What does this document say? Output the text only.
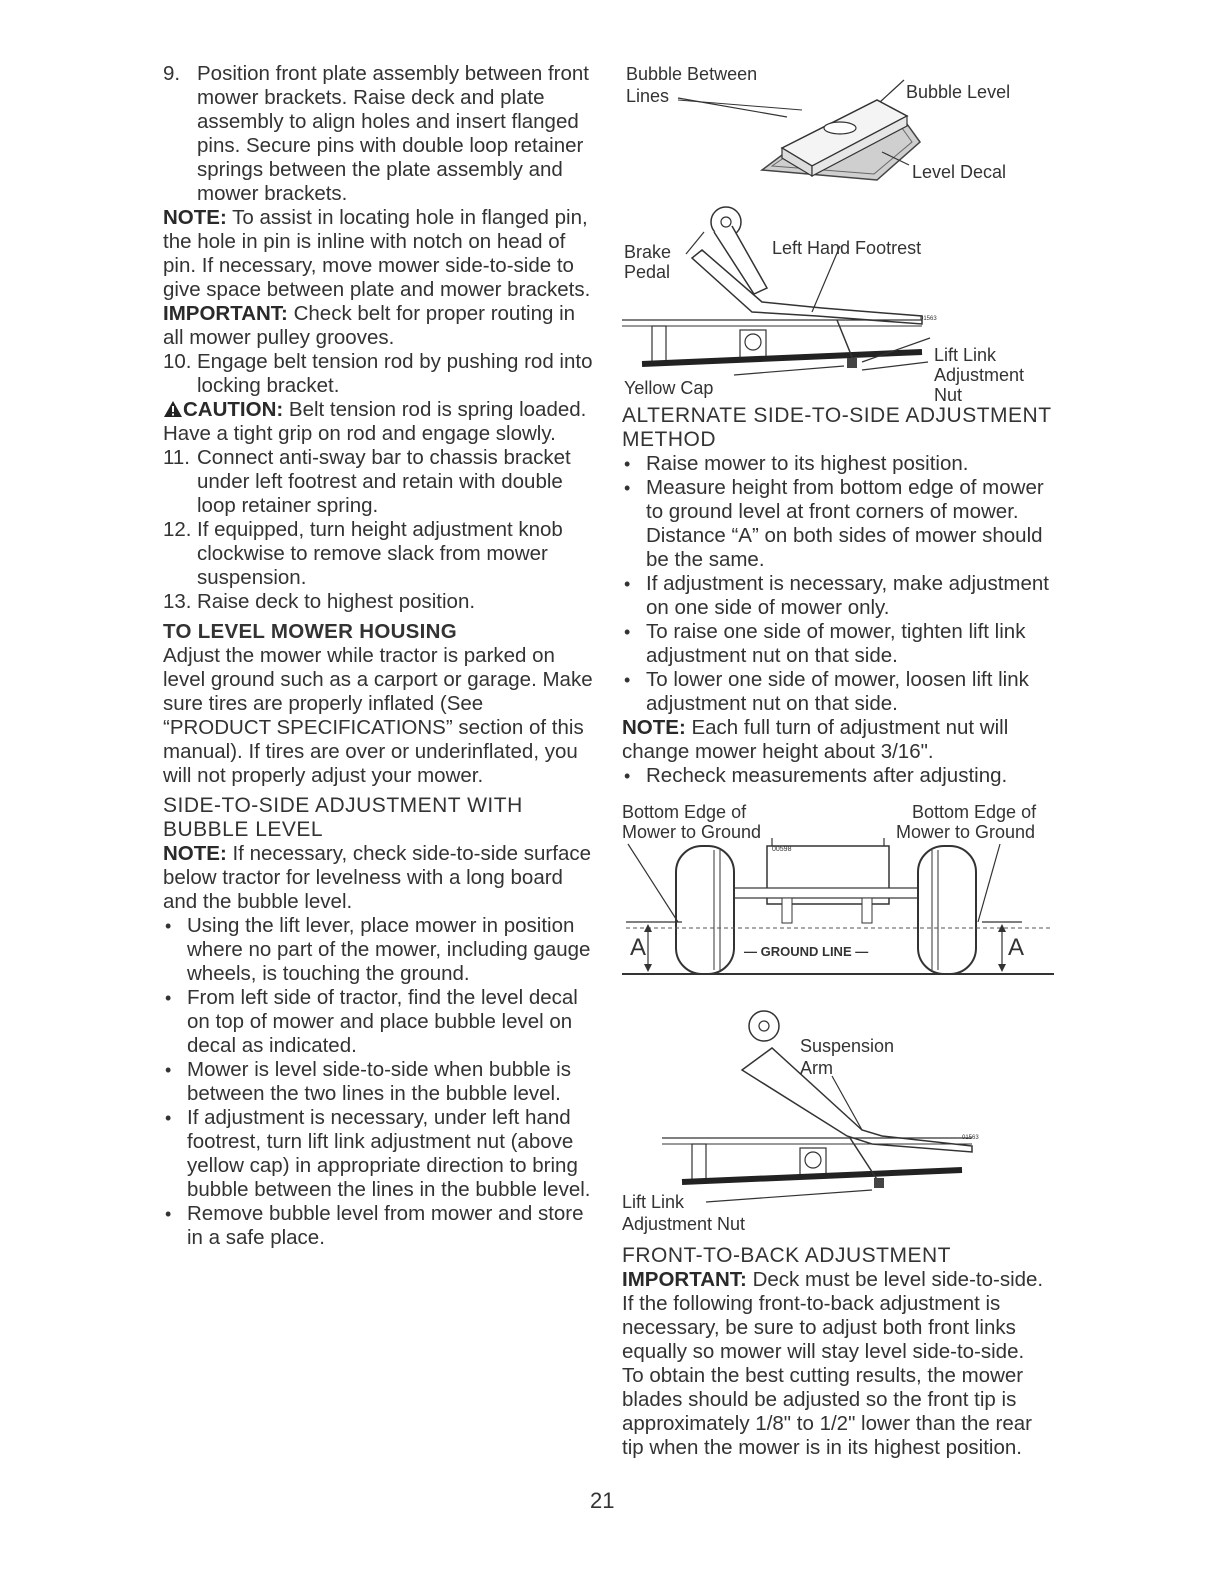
9. Position front plate assembly between front mower brackets. Raise deck and plate assembly to align holes and insert flanged pins. Secure pins with double loop retainer springs between the plate assembly and mower brackets.

NOTE: To assist in locating hole in flanged pin, the hole in pin is inline with notch on head of pin. If necessary, move mower side-to-side to give space between plate and mower brackets.

IMPORTANT: Check belt for proper routing in all mower pulley grooves.

10. Engage belt tension rod by pushing rod into locking bracket.

CAUTION: Belt tension rod is spring loaded. Have a tight grip on rod and engage slowly.

11. Connect anti-sway bar to chassis bracket under left footrest and retain with double loop retainer spring.

12. If equipped, turn height adjustment knob clockwise to remove slack from mower suspension.

13. Raise deck to highest position.

TO LEVEL MOWER HOUSING

Adjust the mower while tractor is parked on level ground such as a carport or garage. Make sure tires are properly inflated (See “PRODUCT SPECIFICATIONS” section of this manual). If tires are over or underinflated, you will not properly adjust your mower.

SIDE-TO-SIDE ADJUSTMENT WITH BUBBLE LEVEL

NOTE: If necessary, check side-to-side surface below tractor for levelness with a long board and the bubble level.

• Using the lift lever, place mower in position where no part of the mower, including gauge wheels, is touching the ground.

• From left side of tractor, find the level decal on top of mower and place bubble level on decal as indicated.

• Mower is level side-to-side when bubble is between the two lines in the bubble level.

• If adjustment is necessary, under left hand footrest, turn lift link adjustment nut (above yellow cap) in appropriate direction to bring bubble between the lines in the bubble level.

• Remove bubble level from mower and store in a safe place.

Bubble Between
Lines	Bubble Level
Level Decal
01563
Brake
Pedal
Left Hand Footrest
Lift Link
Adjustment
Nut
Yellow Cap

ALTERNATE SIDE-TO-SIDE ADJUSTMENT METHOD

• Raise mower to its highest position.

• Measure height from bottom edge of mower to ground level at front corners of mower. Distance “A” on both sides of mower should be the same.

• If adjustment is necessary, make adjustment on one side of mower only.

• To raise one side of mower, tighten lift link adjustment nut on that side.

• To lower one side of mower, loosen lift link adjustment nut on that side.

NOTE: Each full turn of adjustment nut will change mower height about 3/16".

• Recheck measurements after adjusting.

00598
Bottom Edge of
Mower to Ground
Bottom Edge of
Mower to Ground
A	A
— GROUND LINE —
01563
Suspension
Arm
Lift Link
Adjustment Nut

FRONT-TO-BACK ADJUSTMENT

IMPORTANT: Deck must be level side-to-side. If the following front-to-back adjustment is necessary, be sure to adjust both front links equally so mower will stay level side-to-side.

To obtain the best cutting results, the mower blades should be adjusted so the front tip is approximately 1/8" to 1/2" lower than the rear tip when the mower is in its highest position.

21
